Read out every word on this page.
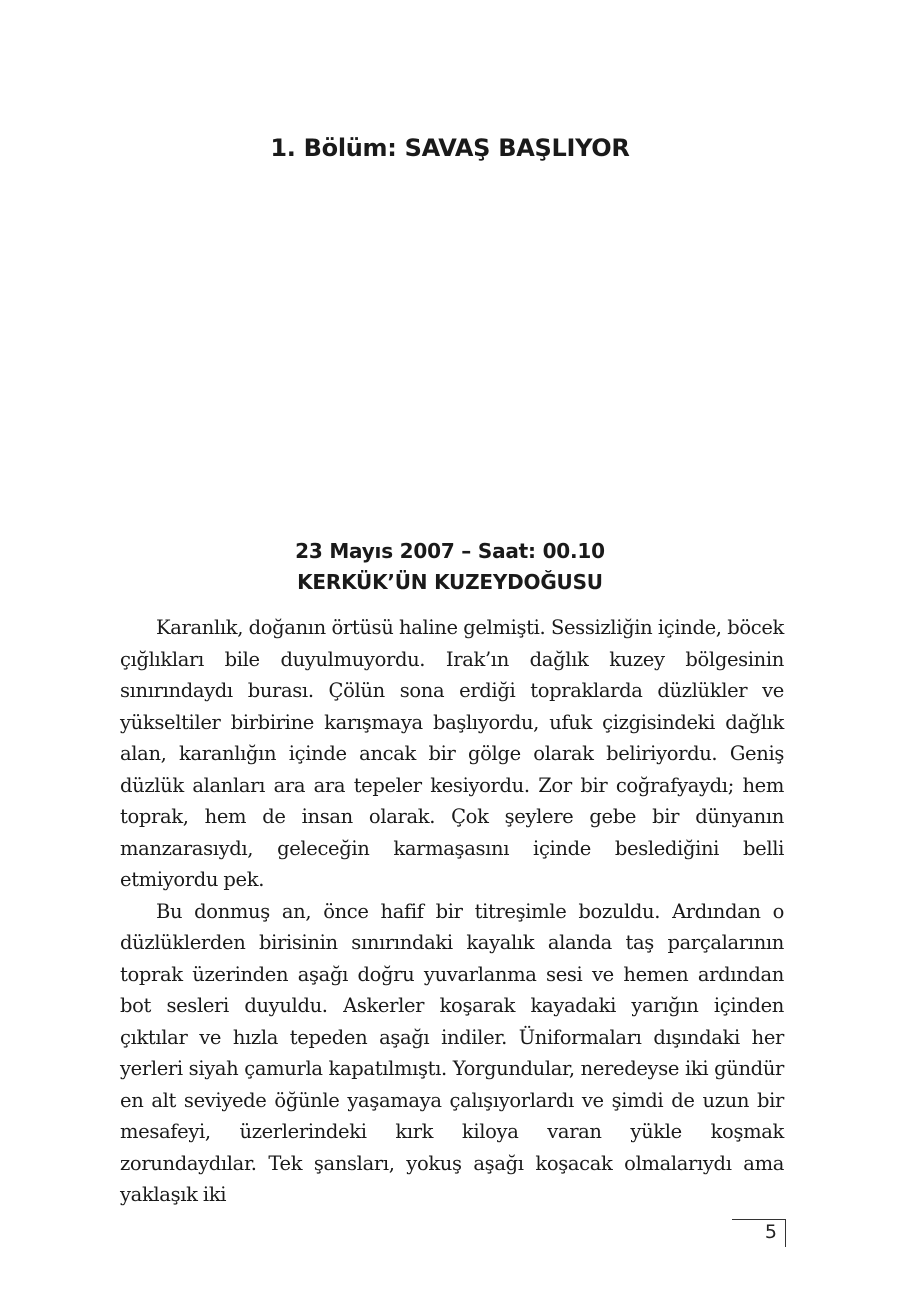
1. Bölüm: SAVAŞ BAŞLIYOR
23 Mayıs 2007 – Saat: 00.10
KERKÜK’ÜN KUZEYDOĞUSU

Karanlık, doğanın örtüsü haline gelmişti. Sessizliğin içinde, böcek çığlıkları bile duyulmuyordu. Irak’ın dağlık kuzey bölgesinin sınırındaydı burası. Çölün sona erdiği topraklarda düzlükler ve yükseltiler birbirine karışmaya başlıyordu, ufuk çizgisindeki dağlık alan, karanlığın içinde ancak bir gölge olarak beliriyordu. Geniş düzlük alanları ara ara tepeler kesiyordu. Zor bir coğrafyaydı; hem toprak, hem de insan olarak. Çok şeylere gebe bir dünyanın manzarasıydı, geleceğin karmaşasını içinde beslediğini belli etmiyordu pek.

Bu donmuş an, önce hafif bir titreşimle bozuldu. Ardından o düzlüklerden birisinin sınırındaki kayalık alanda taş parçalarının toprak üzerinden aşağı doğru yuvarlanma sesi ve hemen ardından bot sesleri duyuldu. Askerler koşarak kayadaki yarığın içinden çıktılar ve hızla tepeden aşağı indiler. Üniformaları dışındaki her yerleri siyah çamurla kapatılmıştı. Yorgundular, neredeyse iki gündür en alt seviyede öğünle yaşamaya çalışıyorlardı ve şimdi de uzun bir mesafeyi, üzerlerindeki kırk kiloya varan yükle koşmak zorundaydılar. Tek şansları, yokuş aşağı koşacak olmalarıydı ama yaklaşık iki

5
